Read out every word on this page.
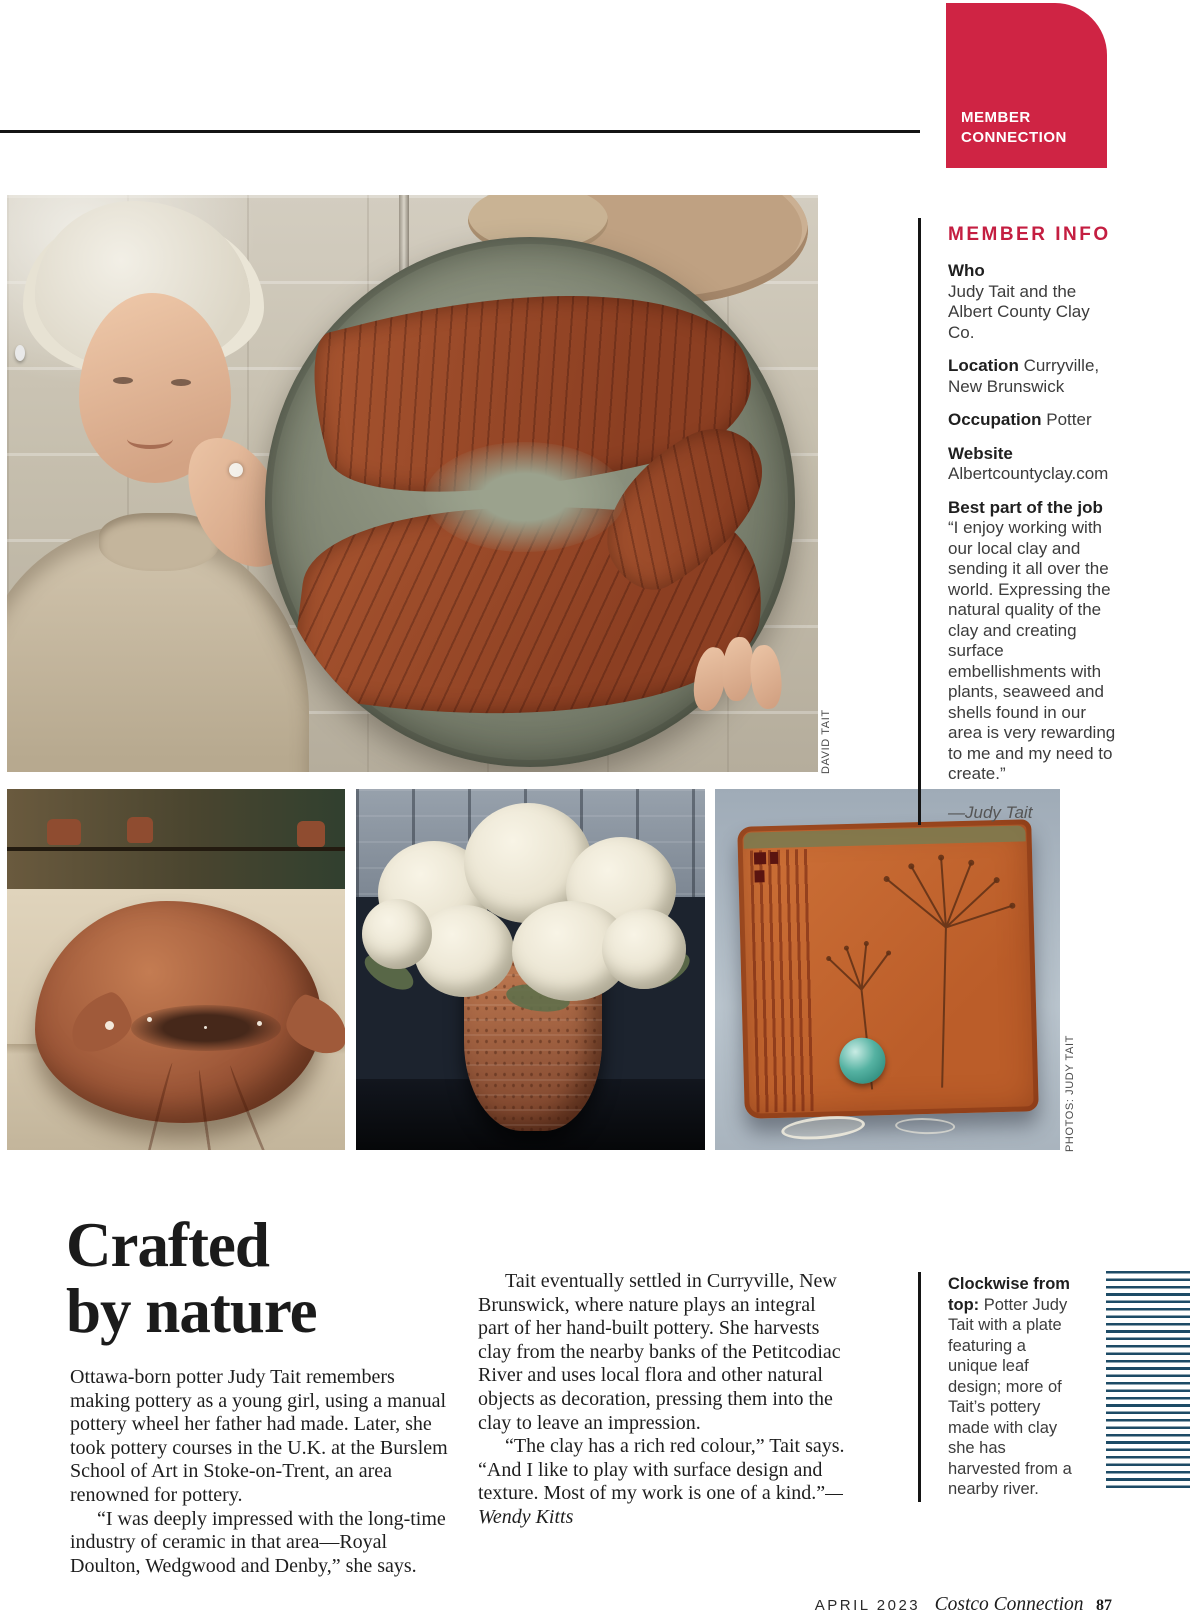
MEMBER
CONNECTION
DAVID TAIT
PHOTOS: JUDY TAIT
MEMBER INFO
Who
Judy Tait and the Albert County Clay Co.
Location Curryville, New Brunswick
Occupation Potter
Website
Albertcountyclay.com
Best part of the job
“I enjoy working with our local clay and sending it all over the world. Expressing the natural quality of the clay and creating surface embellishments with plants, seaweed and shells found in our area is very rewarding to me and my need to create.”

—Judy Tait

Crafted
by nature

Ottawa-born potter Judy Tait remembers making pottery as a young girl, using a manual pottery wheel her father had made. Later, she took pottery courses in the U.K. at the Burslem School of Art in Stoke-on-Trent, an area renowned for pottery.

“I was deeply impressed with the long-time industry of ceramic in that area—Royal Doulton, Wedgwood and Denby,” she says.

Tait eventually settled in Curryville, New Brunswick, where nature plays an integral part of her hand-built pottery. She harvests clay from the nearby banks of the Petitcodiac River and uses local flora and other natural objects as decoration, pressing them into the clay to leave an impression.

“The clay has a rich red colour,” Tait says. “And I like to play with surface design and texture. Most of my work is one of a kind.”—Wendy Kitts

Clockwise from top: Potter Judy Tait with a plate featuring a unique leaf design; more of Tait’s pottery made with clay she has harvested from a nearby river.
APRIL 2023 Costco Connection 87
